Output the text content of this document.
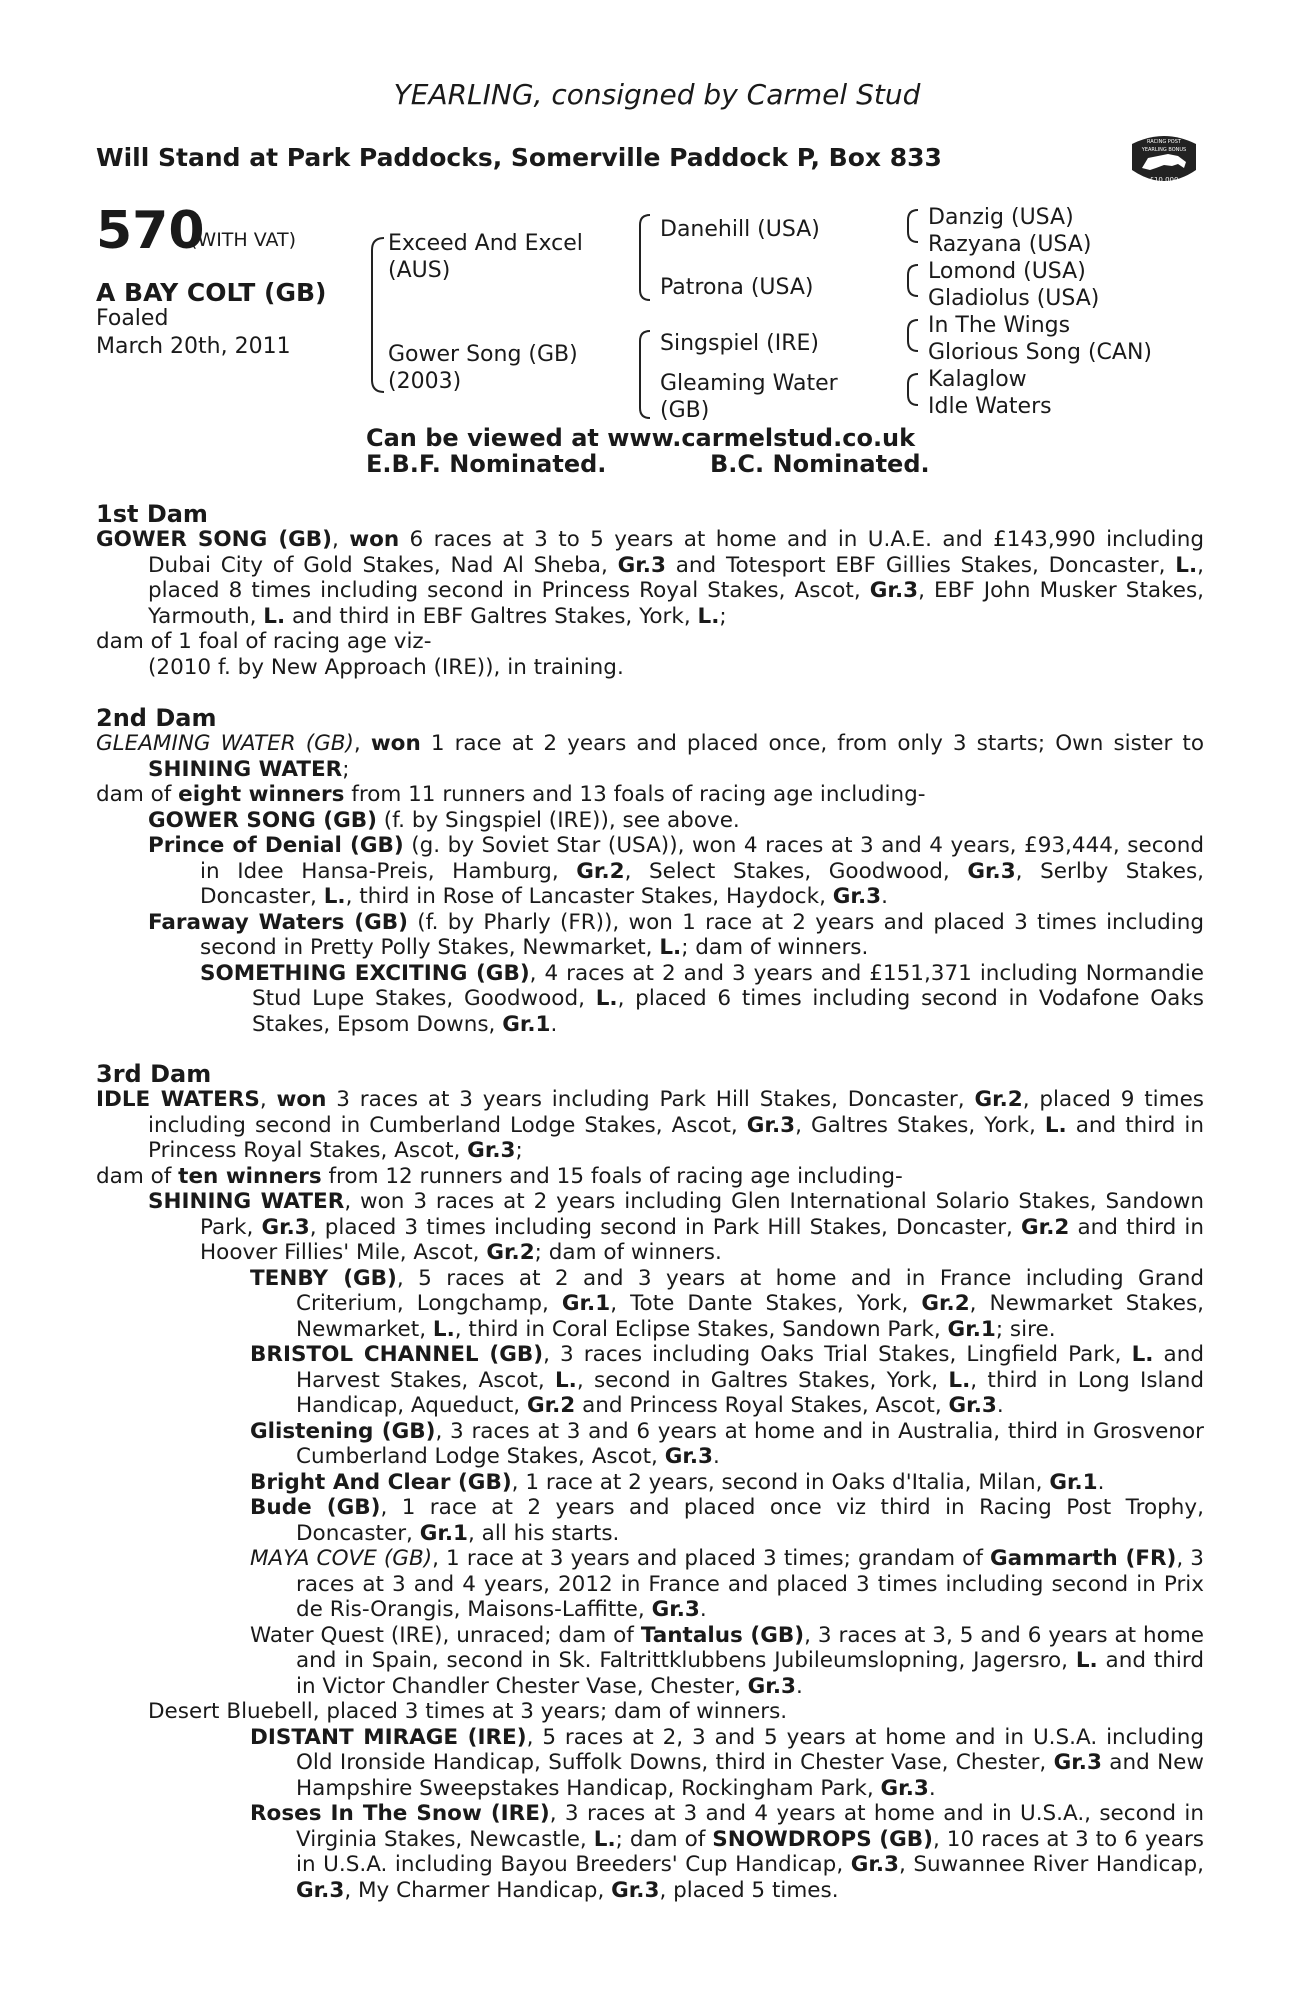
YEARLING, consigned by Carmel Stud
Will Stand at Park Paddocks, Somerville Paddock P, Box 833
RACING POST
YEARLING BONUS
£10,000
570
(WITH VAT)
A BAY COLT (GB)
Foaled
March 20th, 2011
Exceed And Excel
(AUS)
Gower Song (GB)
(2003)
Danehill (USA)
Patrona (USA)
Singspiel (IRE)
Gleaming Water
(GB)
Danzig (USA)
Razyana (USA)
Lomond (USA)
Gladiolus (USA)
In The Wings
Glorious Song (CAN)
Kalaglow
Idle Waters
Can be viewed at www.carmelstud.co.uk
E.B.F. Nominated.	B.C. Nominated.
1st Dam
GOWER SONG (GB), won 6 races at 3 to 5 years at home and in U.A.E. and £143,990 including Dubai City of Gold Stakes, Nad Al Sheba, Gr.3 and Totesport EBF Gillies Stakes, Doncaster, L., placed 8 times including second in Princess Royal Stakes, Ascot, Gr.3, EBF John Musker Stakes, Yarmouth, L. and third in EBF Galtres Stakes, York, L.;
dam of 1 foal of racing age viz-
(2010 f. by New Approach (IRE)), in training.
2nd Dam
GLEAMING WATER (GB), won 1 race at 2 years and placed once, from only 3 starts; Own sister to SHINING WATER;
dam of eight winners from 11 runners and 13 foals of racing age including-
GOWER SONG (GB) (f. by Singspiel (IRE)), see above.
Prince of Denial (GB) (g. by Soviet Star (USA)), won 4 races at 3 and 4 years, £93,444, second in Idee Hansa-Preis, Hamburg, Gr.2, Select Stakes, Goodwood, Gr.3, Serlby Stakes, Doncaster, L., third in Rose of Lancaster Stakes, Haydock, Gr.3.
Faraway Waters (GB) (f. by Pharly (FR)), won 1 race at 2 years and placed 3 times including second in Pretty Polly Stakes, Newmarket, L.; dam of winners.
SOMETHING EXCITING (GB), 4 races at 2 and 3 years and £151,371 including Normandie Stud Lupe Stakes, Goodwood, L., placed 6 times including second in Vodafone Oaks Stakes, Epsom Downs, Gr.1.
3rd Dam
IDLE WATERS, won 3 races at 3 years including Park Hill Stakes, Doncaster, Gr.2, placed 9 times including second in Cumberland Lodge Stakes, Ascot, Gr.3, Galtres Stakes, York, L. and third in Princess Royal Stakes, Ascot, Gr.3;
dam of ten winners from 12 runners and 15 foals of racing age including-
SHINING WATER, won 3 races at 2 years including Glen International Solario Stakes, Sandown Park, Gr.3, placed 3 times including second in Park Hill Stakes, Doncaster, Gr.2 and third in Hoover Fillies' Mile, Ascot, Gr.2; dam of winners.
TENBY (GB), 5 races at 2 and 3 years at home and in France including Grand Criterium, Longchamp, Gr.1, Tote Dante Stakes, York, Gr.2, Newmarket Stakes, Newmarket, L., third in Coral Eclipse Stakes, Sandown Park, Gr.1; sire.
BRISTOL CHANNEL (GB), 3 races including Oaks Trial Stakes, Lingfield Park, L. and Harvest Stakes, Ascot, L., second in Galtres Stakes, York, L., third in Long Island Handicap, Aqueduct, Gr.2 and Princess Royal Stakes, Ascot, Gr.3.
Glistening (GB), 3 races at 3 and 6 years at home and in Australia, third in Grosvenor Cumberland Lodge Stakes, Ascot, Gr.3.
Bright And Clear (GB), 1 race at 2 years, second in Oaks d'Italia, Milan, Gr.1.
Bude (GB), 1 race at 2 years and placed once viz third in Racing Post Trophy, Doncaster, Gr.1, all his starts.
MAYA COVE (GB), 1 race at 3 years and placed 3 times; grandam of Gammarth (FR), 3 races at 3 and 4 years, 2012 in France and placed 3 times including second in Prix de Ris-Orangis, Maisons-Laffitte, Gr.3.
Water Quest (IRE), unraced; dam of Tantalus (GB), 3 races at 3, 5 and 6 years at home and in Spain, second in Sk. Faltrittklubbens Jubileumslopning, Jagersro, L. and third in Victor Chandler Chester Vase, Chester, Gr.3.
Desert Bluebell, placed 3 times at 3 years; dam of winners.
DISTANT MIRAGE (IRE), 5 races at 2, 3 and 5 years at home and in U.S.A. including Old Ironside Handicap, Suffolk Downs, third in Chester Vase, Chester, Gr.3 and New Hampshire Sweepstakes Handicap, Rockingham Park, Gr.3.
Roses In The Snow (IRE), 3 races at 3 and 4 years at home and in U.S.A., second in Virginia Stakes, Newcastle, L.; dam of SNOWDROPS (GB), 10 races at 3 to 6 years in U.S.A. including Bayou Breeders' Cup Handicap, Gr.3, Suwannee River Handicap, Gr.3, My Charmer Handicap, Gr.3, placed 5 times.
